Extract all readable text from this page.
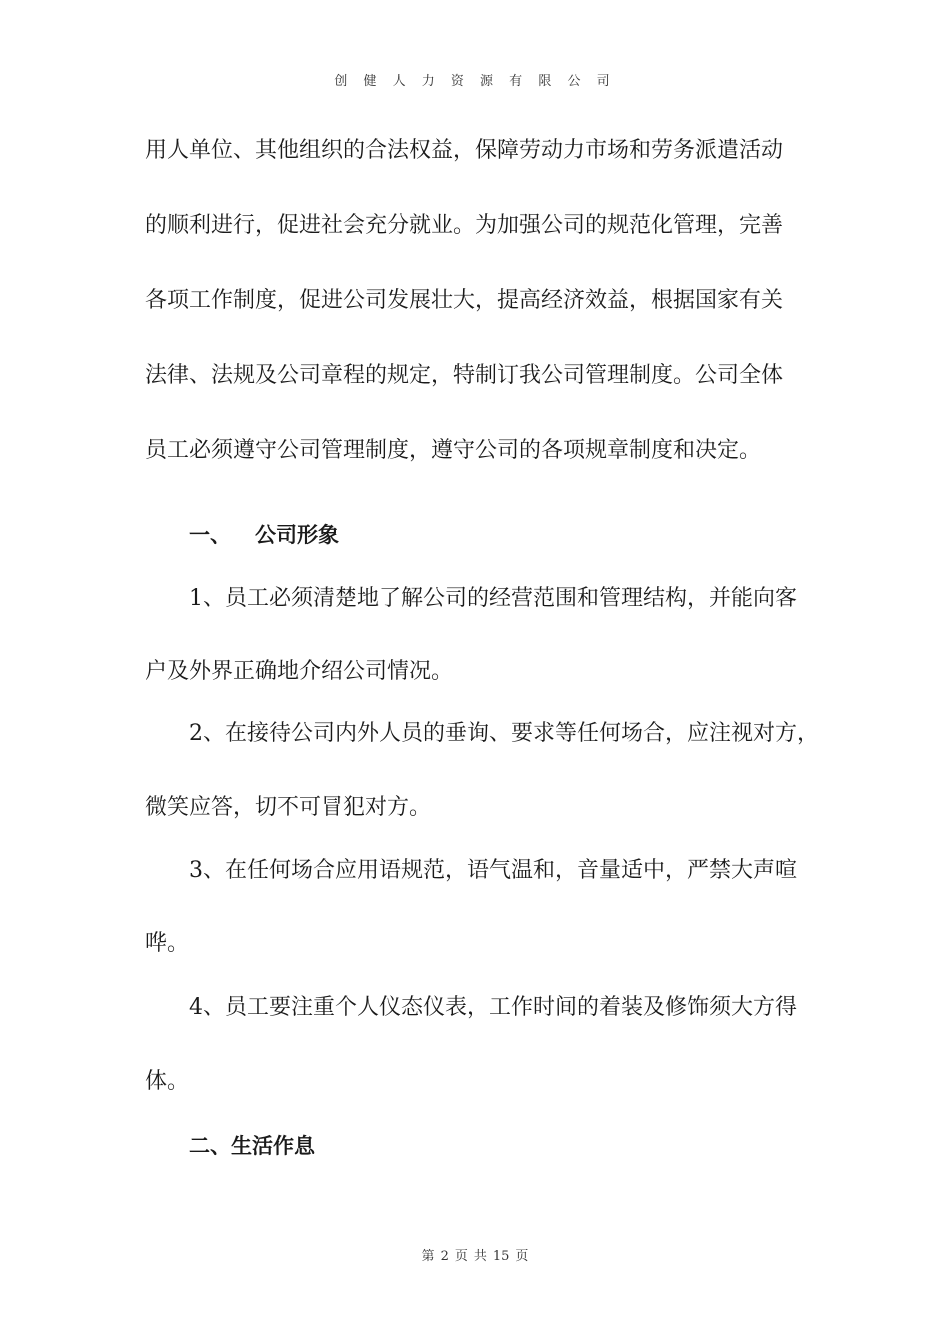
创 健 人 力 资 源 有 限 公 司
用人单位、其他组织的合法权益，保障劳动力市场和劳务派遣活动
的顺利进行，促进社会充分就业。为加强公司的规范化管理，完善
各项工作制度，促进公司发展壮大，提高经济效益，根据国家有关
法律、法规及公司章程的规定，特制订我公司管理制度。公司全体
员工必须遵守公司管理制度，遵守公司的各项规章制度和决定。
一、 公司形象
1、员工必须清楚地了解公司的经营范围和管理结构，并能向客
户及外界正确地介绍公司情况。
2、在接待公司内外人员的垂询、要求等任何场合，应注视对方，
微笑应答，切不可冒犯对方。
3、在任何场合应用语规范，语气温和，音量适中，严禁大声喧
哗。
4、员工要注重个人仪态仪表，工作时间的着装及修饰须大方得
体。
二、生活作息
第 2 页 共 15 页
